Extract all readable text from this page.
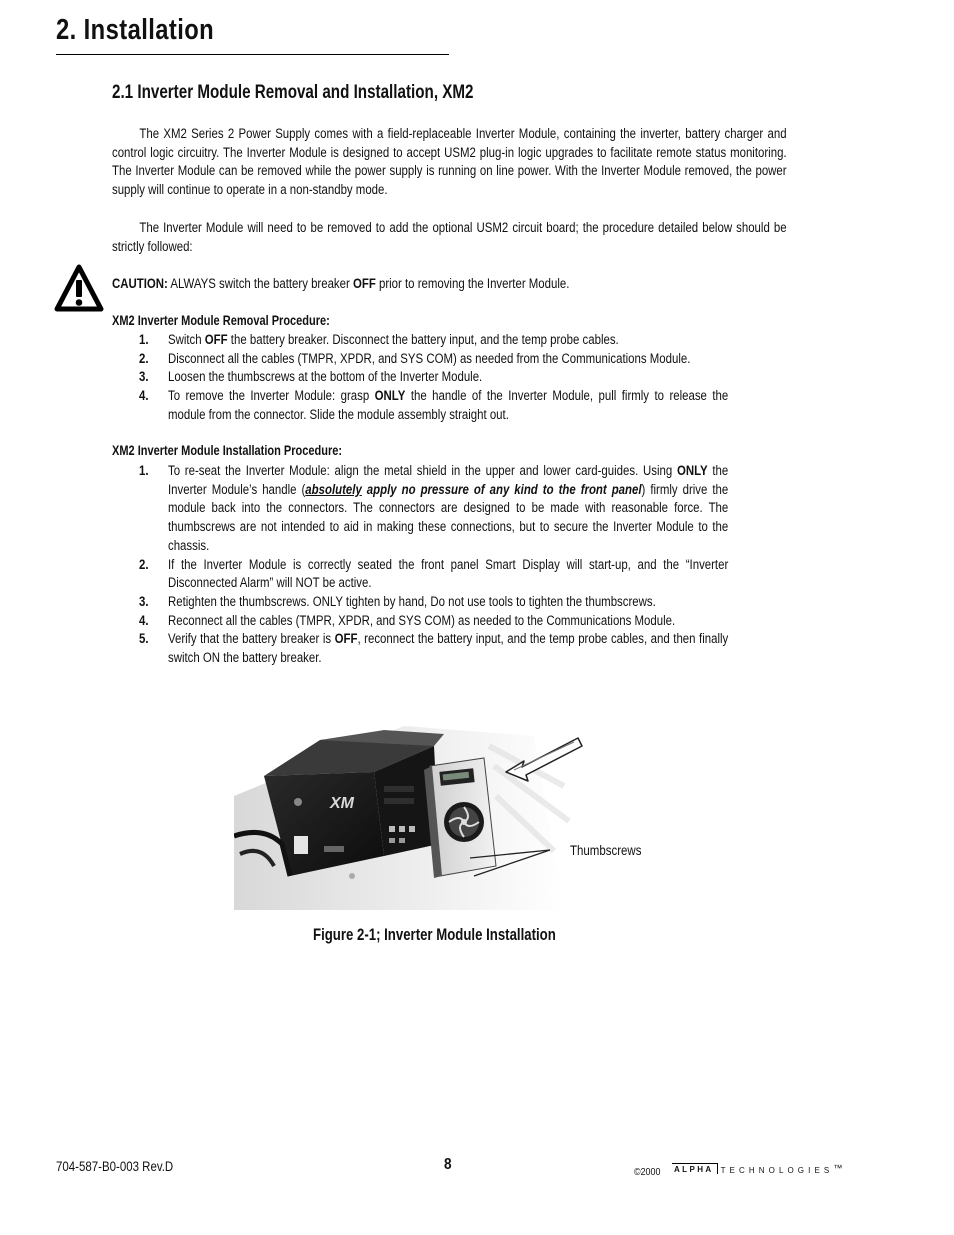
2. Installation
2.1 Inverter Module Removal and Installation, XM2

The XM2 Series 2 Power Supply comes with a field-replaceable Inverter Module, containing the inverter, battery charger and control logic circuitry. The Inverter Module is designed to accept USM2 plug-in logic upgrades to facilitate remote status monitoring. The Inverter Module can be removed while the power supply is running on line power. With the Inverter Module removed, the power supply will continue to operate in a non-standby mode.

The Inverter Module will need to be removed to add the optional USM2 circuit board; the procedure detailed below should be strictly followed:

CAUTION: ALWAYS switch the battery breaker OFF prior to removing the Inverter Module.
XM2 Inverter Module Removal Procedure:
1. Switch OFF the battery breaker. Disconnect the battery input, and the temp probe cables.
2. Disconnect all the cables (TMPR, XPDR, and SYS COM) as needed from the Communications Module.
3. Loosen the thumbscrews at the bottom of the Inverter Module.
4. To remove the Inverter Module: grasp ONLY the handle of the Inverter Module, pull firmly to release the module from the connector. Slide the module assembly straight out.
XM2 Inverter Module Installation Procedure:
1. To re-seat the Inverter Module: align the metal shield in the upper and lower card-guides. Using ONLY the Inverter Module’s handle (absolutely apply no pressure of any kind to the front panel) firmly drive the module back into the connectors. The connectors are designed to be made with reasonable force. The thumbscrews are not intended to aid in making these connections, but to secure the Inverter Module to the chassis.
2. If the Inverter Module is correctly seated the front panel Smart Display will start-up, and the “Inverter Disconnected Alarm” will NOT be active.
3. Retighten the thumbscrews. ONLY tighten by hand, Do not use tools to tighten the thumbscrews.
4. Reconnect all the cables (TMPR, XPDR, and SYS COM) as needed to the Communications Module.
5. Verify that the battery breaker is OFF, reconnect the battery input, and the temp probe cables, and then finally switch ON the battery breaker.
XM
Thumbscrews
Figure 2-1; Inverter Module Installation
704-587-B0-003 Rev.D	8	©2000 ALPHA TECHNOLOGIES™
